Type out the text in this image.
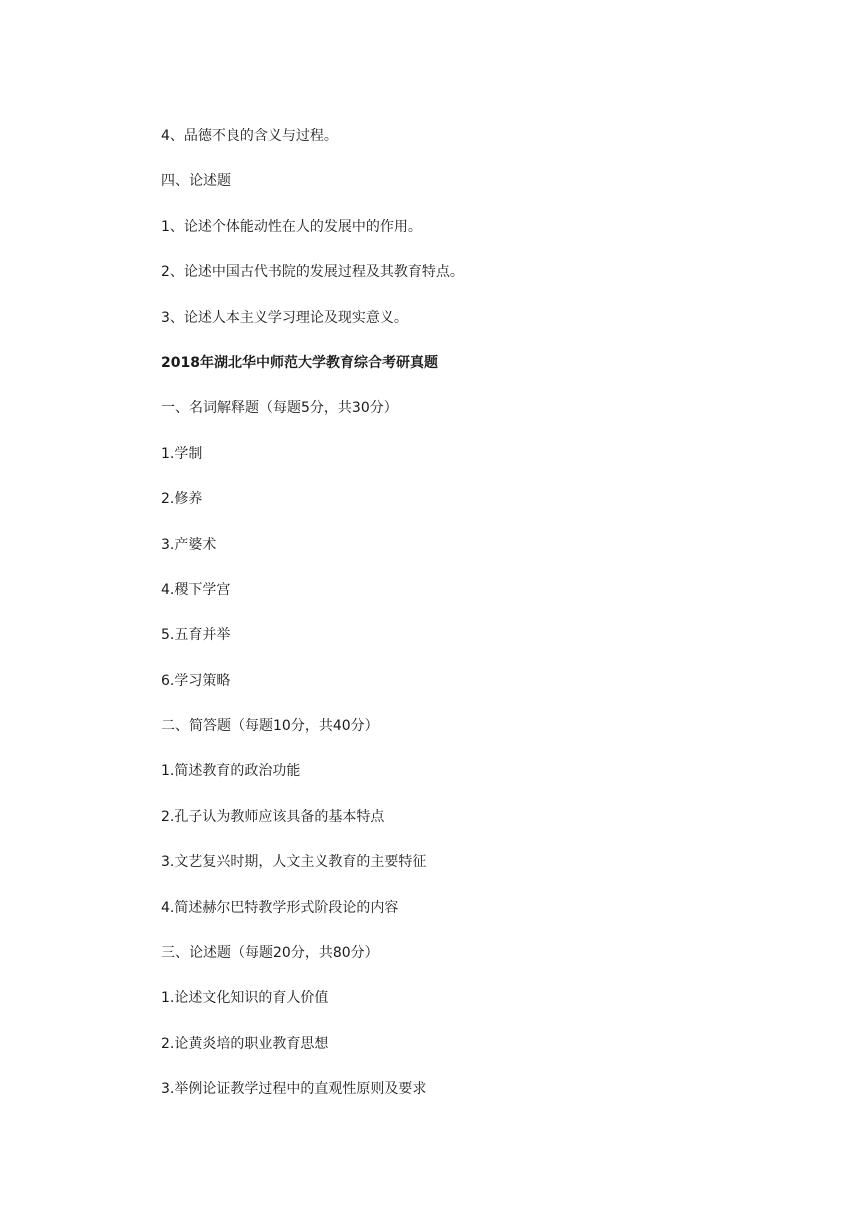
4、品德不良的含义与过程。
四、论述题
1、论述个体能动性在人的发展中的作用。
2、论述中国古代书院的发展过程及其教育特点。
3、论述人本主义学习理论及现实意义。
2018年湖北华中师范大学教育综合考研真题
一、名词解释题（每题5分，共30分）
1.学制
2.修养
3.产婆术
4.稷下学宫
5.五育并举
6.学习策略
二、简答题（每题10分，共40分）
1.简述教育的政治功能
2.孔子认为教师应该具备的基本特点
3.文艺复兴时期，人文主义教育的主要特征
4.简述赫尔巴特教学形式阶段论的内容
三、论述题（每题20分，共80分）
1.论述文化知识的育人价值
2.论黄炎培的职业教育思想
3.举例论证教学过程中的直观性原则及要求
